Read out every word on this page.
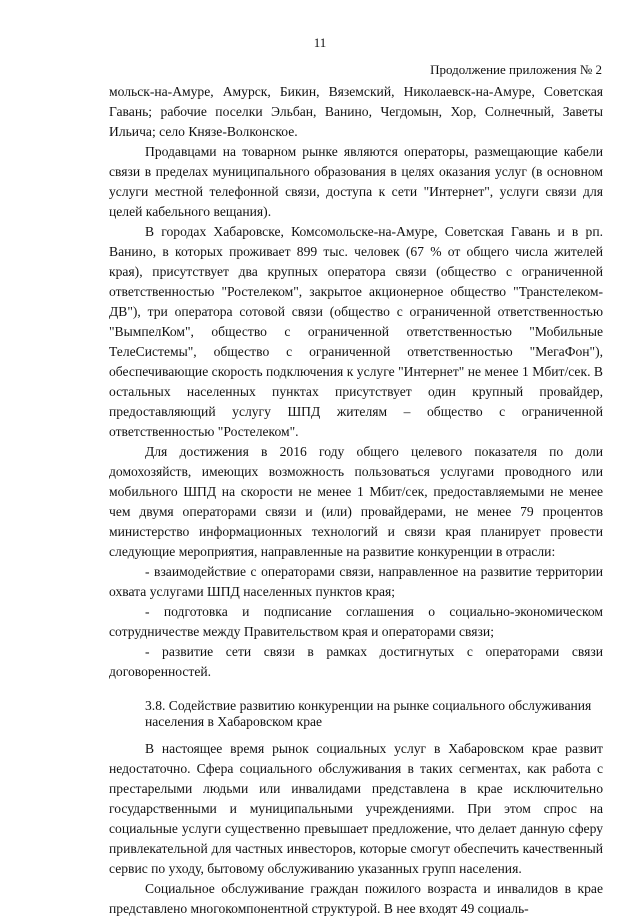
11
Продолжение приложения № 2

мольск-на-Амуре, Амурск, Бикин, Вяземский, Николаевск-на-Амуре, Советская Гавань; рабочие поселки Эльбан, Ванино, Чегдомын, Хор, Солнечный, Заветы Ильича; село Князе-Волконское.

Продавцами на товарном рынке являются операторы, размещающие кабели связи в пределах муниципального образования в целях оказания услуг (в основном услуги местной телефонной связи, доступа к сети "Интернет", услуги связи для целей кабельного вещания).

В городах Хабаровске, Комсомольске-на-Амуре, Советская Гавань и в рп. Ванино, в которых проживает 899 тыс. человек (67 % от общего числа жителей края), присутствует два крупных оператора связи (общество с ограниченной ответственностью "Ростелеком", закрытое акционерное общество "Транстелеком-ДВ"), три оператора сотовой связи (общество с ограниченной ответственностью "ВымпелКом", общество с ограниченной ответственностью "Мобильные ТелеСистемы", общество с ограниченной ответственностью "МегаФон"), обеспечивающие скорость подключения к услуге "Интернет" не менее 1 Мбит/сек. В остальных населенных пунктах присутствует один крупный провайдер, предоставляющий услугу ШПД жителям – общество с ограниченной ответственностью "Ростелеком".

Для достижения в 2016 году общего целевого показателя по доли домохозяйств, имеющих возможность пользоваться услугами проводного или мобильного ШПД на скорости не менее 1 Мбит/сек, предоставляемыми не менее чем двумя операторами связи и (или) провайдерами, не менее 79 процентов министерство информационных технологий и связи края планирует провести следующие мероприятия, направленные на развитие конкуренции в отрасли:

- взаимодействие с операторами связи, направленное на развитие территории охвата услугами ШПД населенных пунктов края;

- подготовка и подписание соглашения о социально-экономическом сотрудничестве между Правительством края и операторами связи;

- развитие сети связи в рамках достигнутых с операторами связи договоренностей.

3.8. Содействие развитию конкуренции на рынке социального обслуживания населения в Хабаровском крае

В настоящее время рынок социальных услуг в Хабаровском крае развит недостаточно. Сфера социального обслуживания в таких сегментах, как работа с престарелыми людьми или инвалидами представлена в крае исключительно государственными и муниципальными учреждениями. При этом спрос на социальные услуги существенно превышает предложение, что делает данную сферу привлекательной для частных инвесторов, которые смогут обеспечить качественный сервис по уходу, бытовому обслуживанию указанных групп населения.

Социальное обслуживание граждан пожилого возраста и инвалидов в крае представлено многокомпонентной структурой. В нее входят 49 социаль-
